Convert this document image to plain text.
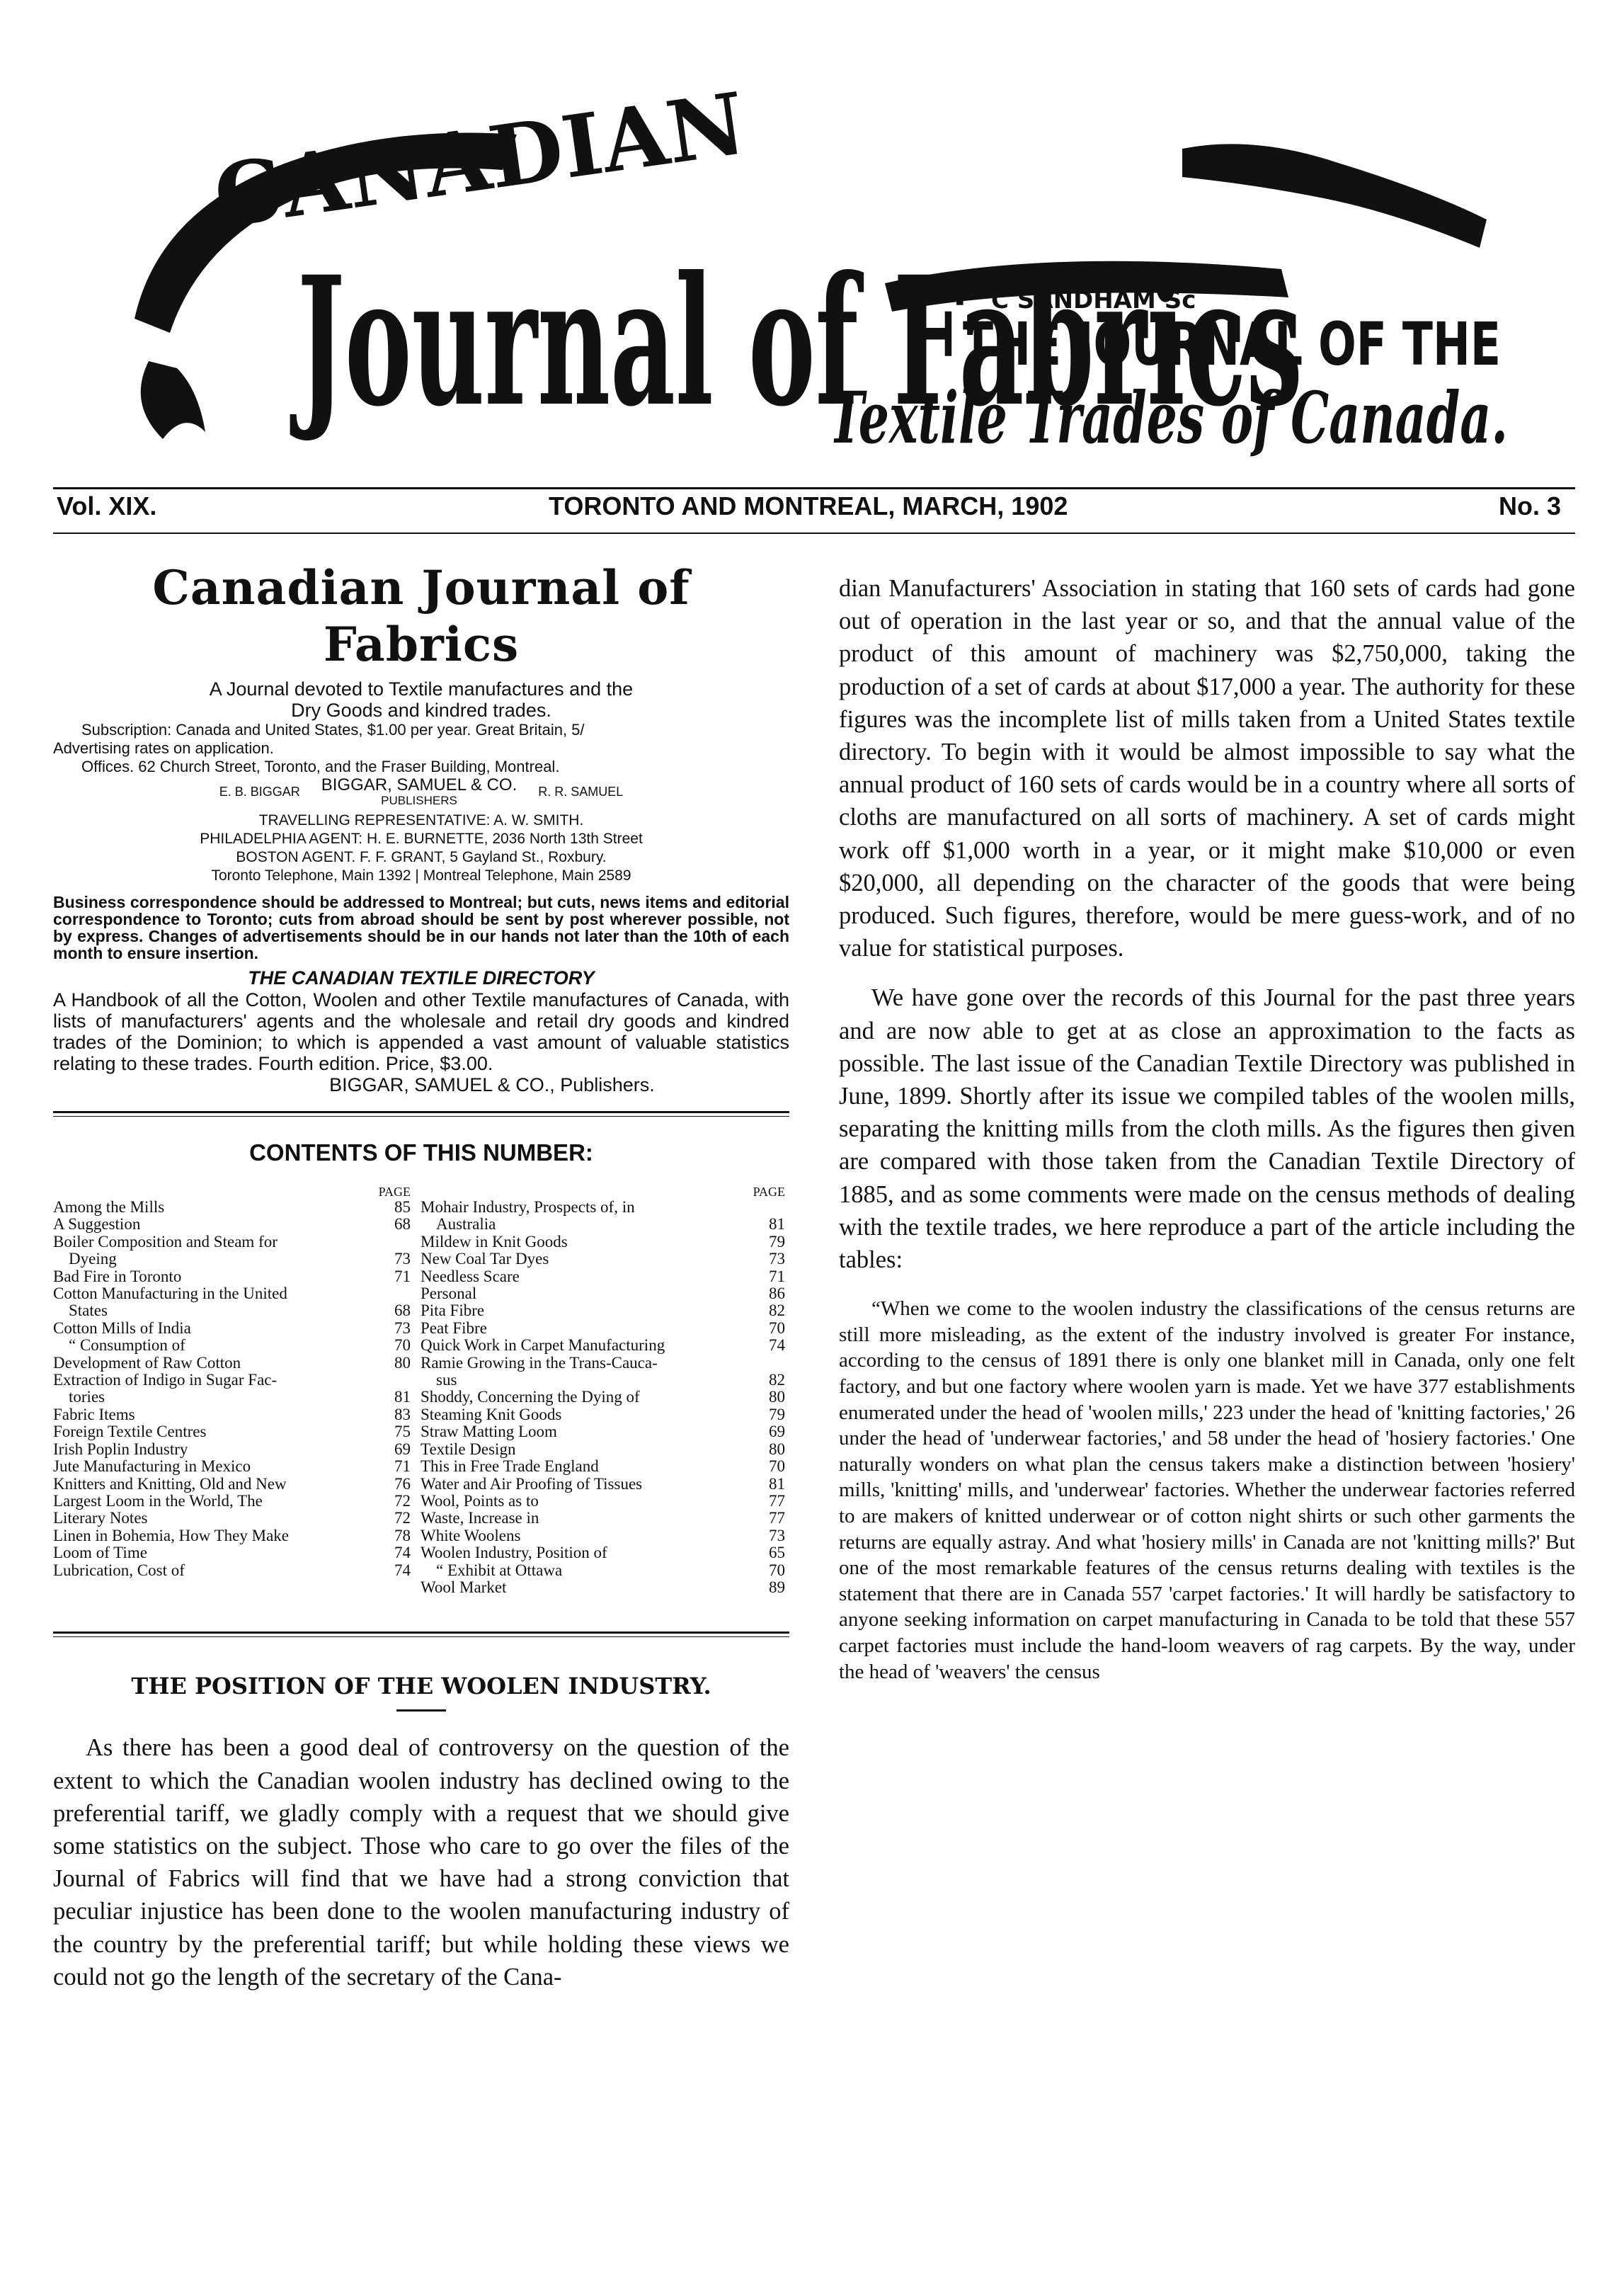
CANADIAN
Journal of Fabrics
C SANDHAM Sc
THE JOURNAL OF THE
Textile Trades of Canada.
Vol. XIX.	TORONTO AND MONTREAL, MARCH, 1902	No. 3
Canadian Journal of Fabrics
A Journal devoted to Textile manufactures and the
Dry Goods and kindred trades.
Subscription: Canada and United States, $1.00 per year. Great Britain, 5/
Advertising rates on application.
Offices. 62 Church Street, Toronto, and the Fraser Building, Montreal.
E. B. BIGGAR BIGGAR, SAMUEL & CO.
PUBLISHERS
R. R. SAMUEL
TRAVELLING REPRESENTATIVE: A. W. SMITH.
PHILADELPHIA AGENT: H. E. BURNETTE, 2036 North 13th Street
BOSTON AGENT. F. F. GRANT, 5 Gayland St., Roxbury.
Toronto Telephone, Main 1392 | Montreal Telephone, Main 2589
Business correspondence should be addressed to Montreal; but cuts, news items and editorial correspondence to Toronto; cuts from abroad should be sent by post wherever possible, not by express. Changes of advertisements should be in our hands not later than the 10th of each month to ensure insertion.
THE CANADIAN TEXTILE DIRECTORY
A Handbook of all the Cotton, Woolen and other Textile manufactures of Canada, with lists of manufacturers' agents and the wholesale and retail dry goods and kindred trades of the Dominion; to which is appended a vast amount of valuable statistics relating to these trades. Fourth edition. Price, $3.00.
BIGGAR, SAMUEL & CO., Publishers.
CONTENTS OF THIS NUMBER:
PAGE
Among the Mills	85
A Suggestion	68
Boiler Composition and Steam for
Dyeing	73
Bad Fire in Toronto	71
Cotton Manufacturing in the United
States	68
Cotton Mills of India	73
“ Consumption of	70
Development of Raw Cotton	80
Extraction of Indigo in Sugar Fac-
tories	81
Fabric Items	83
Foreign Textile Centres	75
Irish Poplin Industry	69
Jute Manufacturing in Mexico	71
Knitters and Knitting, Old and New	76
Largest Loom in the World, The	72
Literary Notes	72
Linen in Bohemia, How They Make	78
Loom of Time	74
Lubrication, Cost of	74
PAGE
Mohair Industry, Prospects of, in
Australia	81
Mildew in Knit Goods	79
New Coal Tar Dyes	73
Needless Scare	71
Personal	86
Pita Fibre	82
Peat Fibre	70
Quick Work in Carpet Manufacturing	74
Ramie Growing in the Trans-Cauca-
sus	82
Shoddy, Concerning the Dying of	80
Steaming Knit Goods	79
Straw Matting Loom	69
Textile Design	80
This in Free Trade England	70
Water and Air Proofing of Tissues	81
Wool, Points as to	77
Waste, Increase in	77
White Woolens	73
Woolen Industry, Position of	65
“ Exhibit at Ottawa	70
Wool Market	89
THE POSITION OF THE WOOLEN INDUSTRY.

As there has been a good deal of controversy on the question of the extent to which the Canadian woolen industry has declined owing to the preferential tariff, we gladly comply with a request that we should give some statistics on the subject. Those who care to go over the files of the Journal of Fabrics will find that we have had a strong conviction that peculiar injustice has been done to the woolen manufacturing industry of the country by the preferential tariff; but while holding these views we could not go the length of the secretary of the Cana-

dian Manufacturers' Association in stating that 160 sets of cards had gone out of operation in the last year or so, and that the annual value of the product of this amount of machinery was $2,750,000, taking the production of a set of cards at about $17,000 a year. The authority for these figures was the incomplete list of mills taken from a United States textile directory. To begin with it would be almost impossible to say what the annual product of 160 sets of cards would be in a country where all sorts of cloths are manufactured on all sorts of machinery. A set of cards might work off $1,000 worth in a year, or it might make $10,000 or even $20,000, all depending on the character of the goods that were being produced. Such figures, therefore, would be mere guess-work, and of no value for statistical purposes.

We have gone over the records of this Journal for the past three years and are now able to get at as close an approximation to the facts as possible. The last issue of the Canadian Textile Directory was published in June, 1899. Shortly after its issue we compiled tables of the woolen mills, separating the knitting mills from the cloth mills. As the figures then given are compared with those taken from the Canadian Textile Directory of 1885, and as some comments were made on the census methods of dealing with the textile trades, we here reproduce a part of the article including the tables:

“When we come to the woolen industry the classifications of the census returns are still more misleading, as the extent of the industry involved is greater For instance, according to the census of 1891 there is only one blanket mill in Canada, only one felt factory, and but one factory where woolen yarn is made. Yet we have 377 establishments enumerated under the head of 'woolen mills,' 223 under the head of 'knitting factories,' 26 under the head of 'underwear factories,' and 58 under the head of 'hosiery factories.' One naturally wonders on what plan the census takers make a distinction between 'hosiery' mills, 'knitting' mills, and 'underwear' factories. Whether the underwear factories referred to are makers of knitted underwear or of cotton night shirts or such other garments the returns are equally astray. And what 'hosiery mills' in Canada are not 'knitting mills?' But one of the most remarkable features of the census returns dealing with textiles is the statement that there are in Canada 557 'carpet factories.' It will hardly be satisfactory to anyone seeking information on carpet manufacturing in Canada to be told that these 557 carpet factories must include the hand-loom weavers of rag carpets. By the way, under the head of 'weavers' the census
